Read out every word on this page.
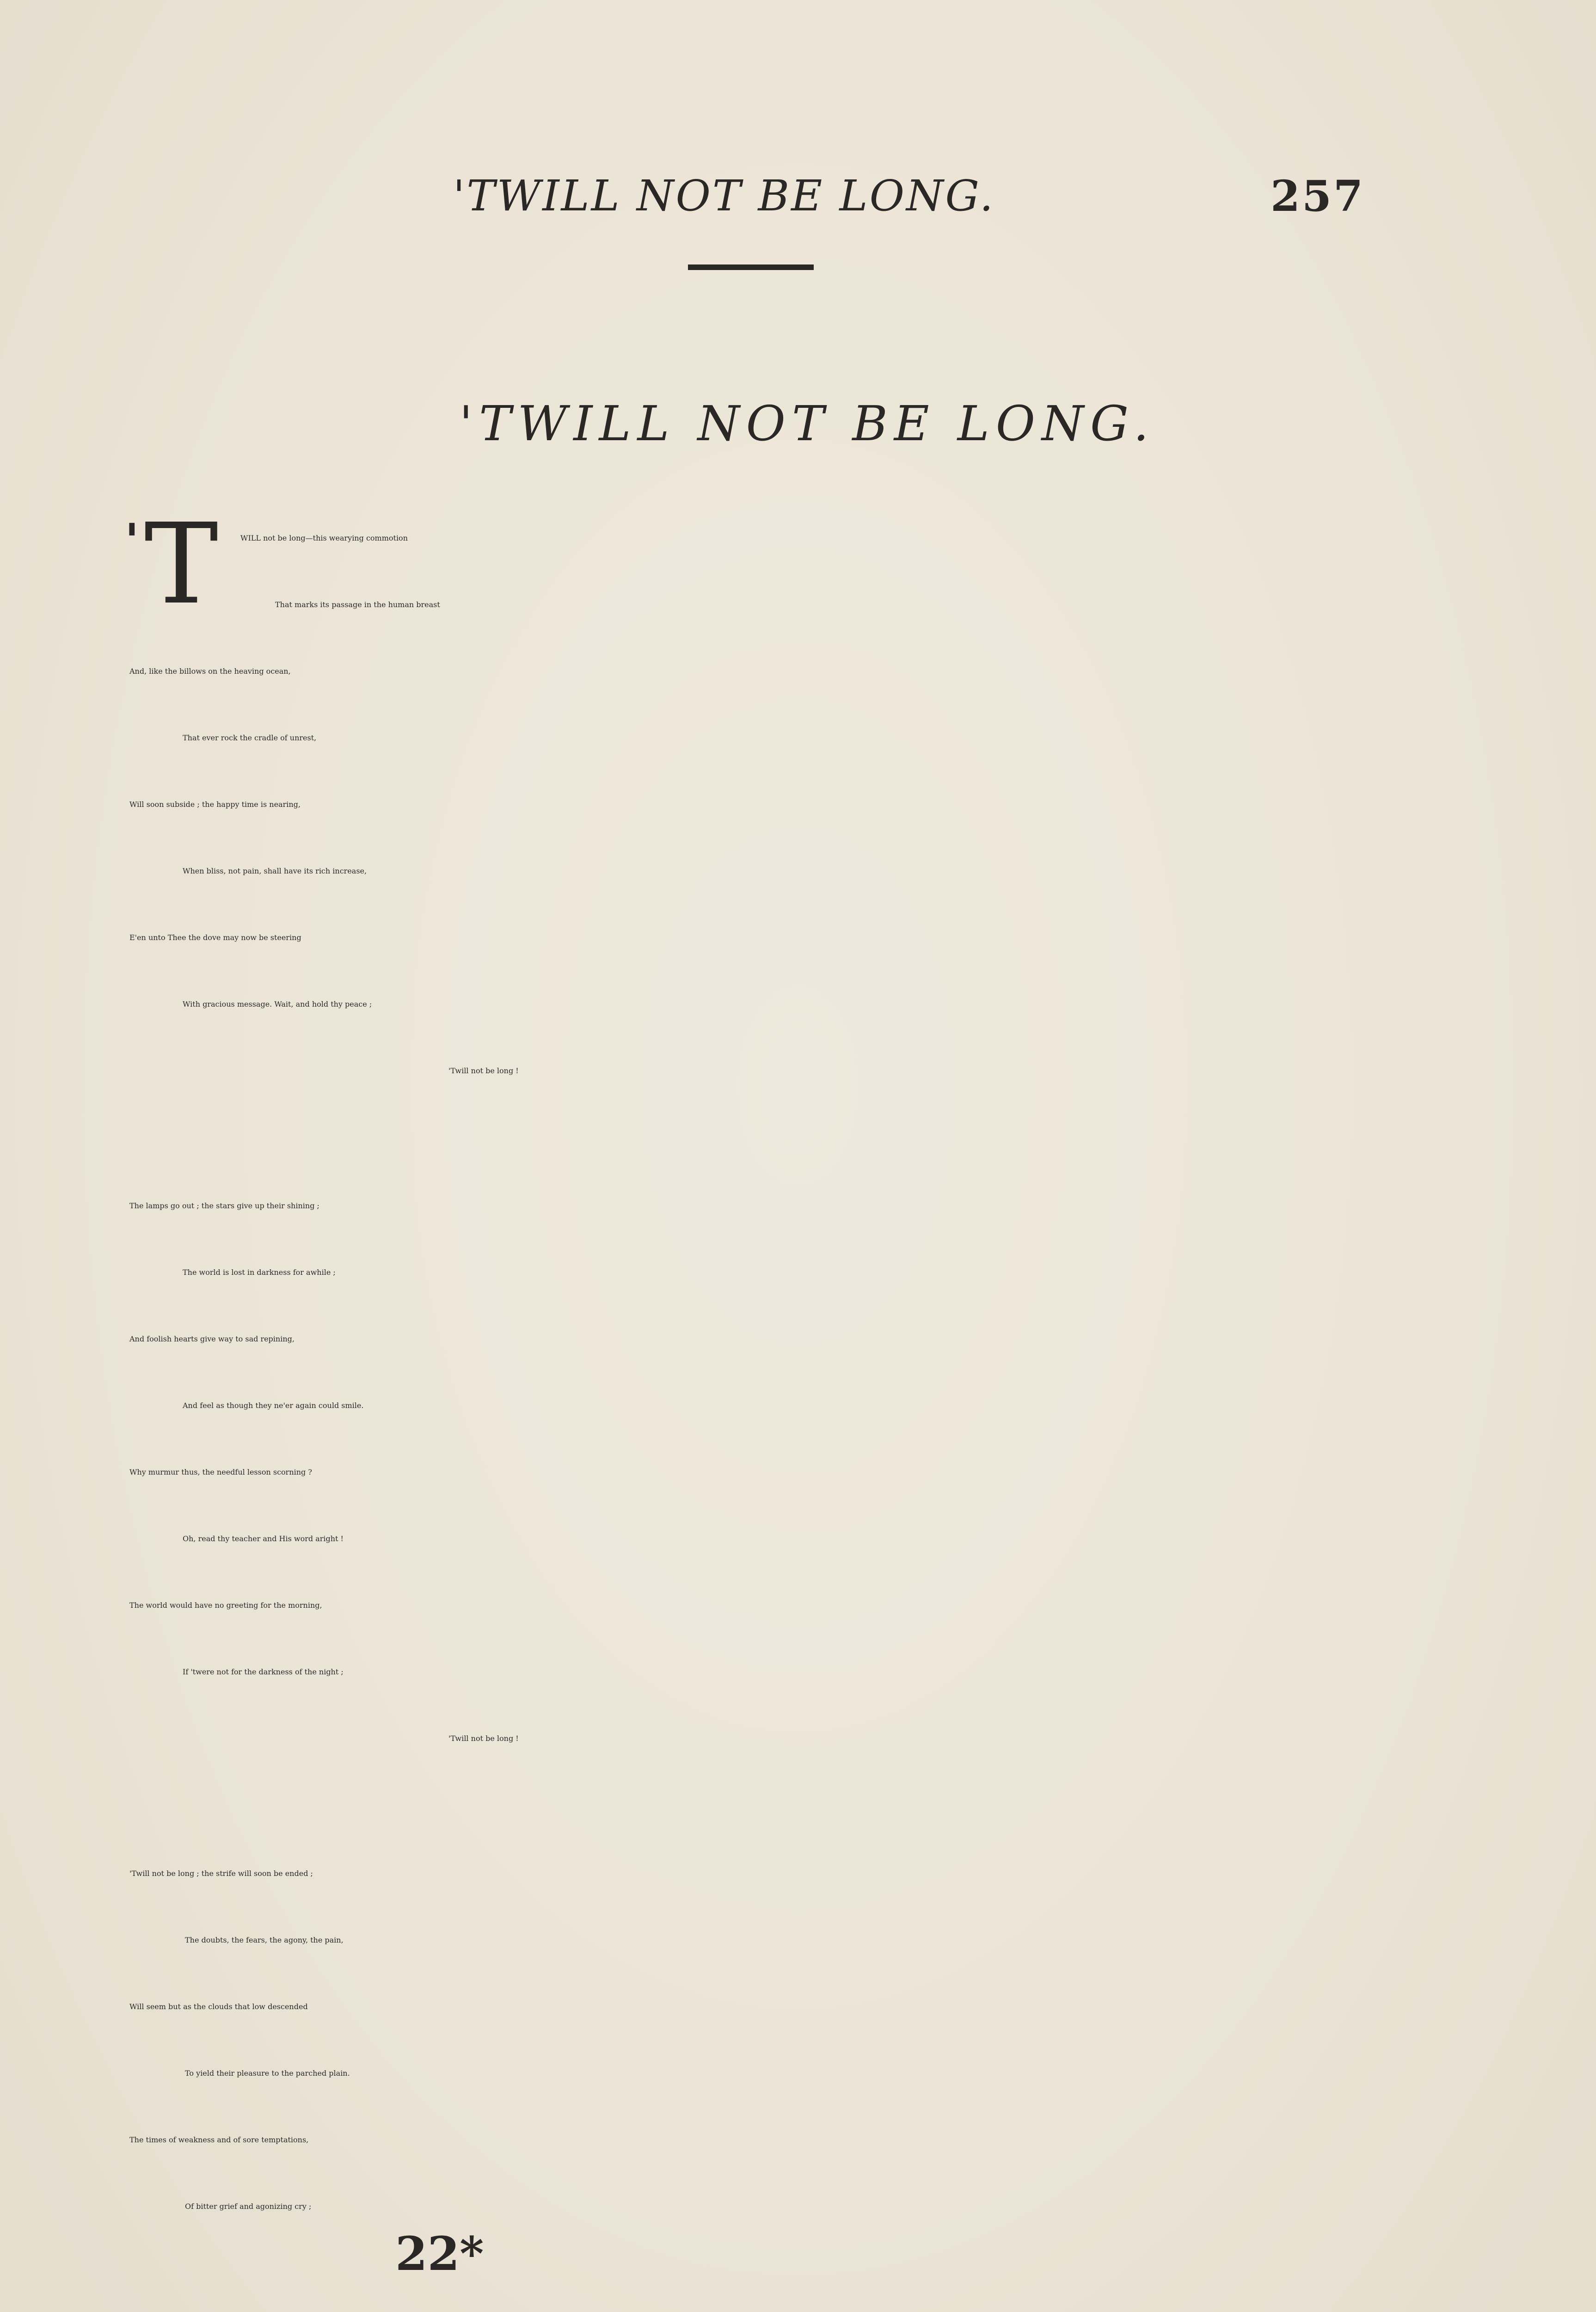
'TWILL NOT BE LONG.	257
'TWILL NOT BE LONG.
' T	WILL not be long—this wearying commotion
That marks its passage in the human breast
And, like the billows on the heaving ocean,
That ever rock the cradle of unrest,
Will soon subside ; the happy time is nearing,
When bliss, not pain, shall have its rich increase,
E'en unto Thee the dove may now be steering
With gracious message. Wait, and hold thy peace ;
'Twill not be long !
The lamps go out ; the stars give up their shining ;
The world is lost in darkness for awhile ;
And foolish hearts give way to sad repining,
And feel as though they ne'er again could smile.
Why murmur thus, the needful lesson scorning ?
Oh, read thy teacher and His word aright !
The world would have no greeting for the morning,
If 'twere not for the darkness of the night ;
'Twill not be long !
'Twill not be long ; the strife will soon be ended ;
The doubts, the fears, the agony, the pain,
Will seem but as the clouds that low descended
To yield their pleasure to the parched plain.
The times of weakness and of sore temptations,
Of bitter grief and agonizing cry ;
22*
